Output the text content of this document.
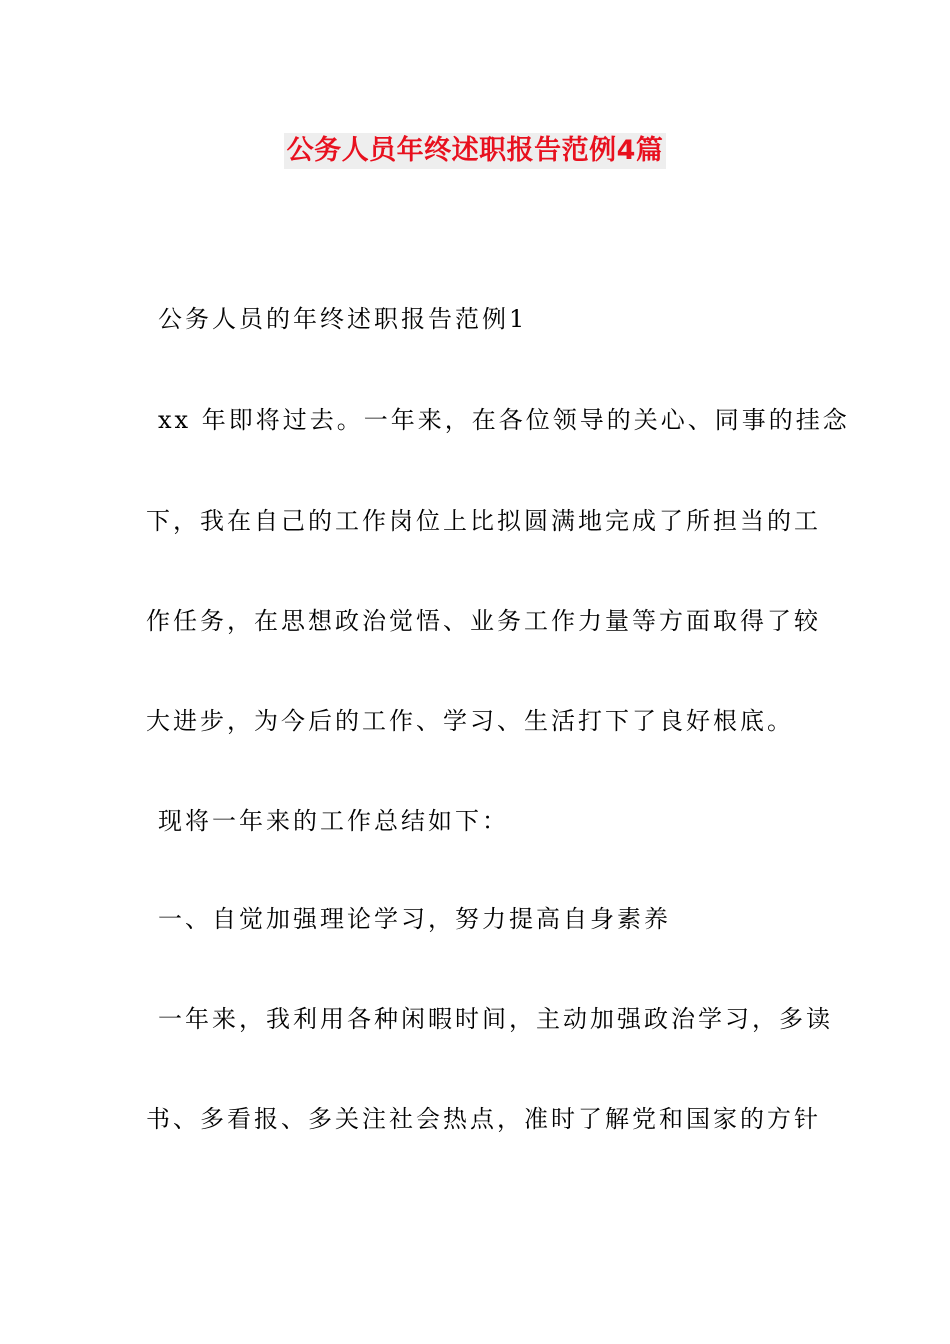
公务人员年终述职报告范例4篇
公务人员的年终述职报告范例1
xx 年即将过去。一年来，在各位领导的关心、同事的挂念
下，我在自己的工作岗位上比拟圆满地完成了所担当的工
作任务，在思想政治觉悟、业务工作力量等方面取得了较
大进步，为今后的工作、学习、生活打下了良好根底。
现将一年来的工作总结如下：
一、自觉加强理论学习，努力提高自身素养
一年来，我利用各种闲暇时间，主动加强政治学习，多读
书、多看报、多关注社会热点，准时了解党和国家的方针
